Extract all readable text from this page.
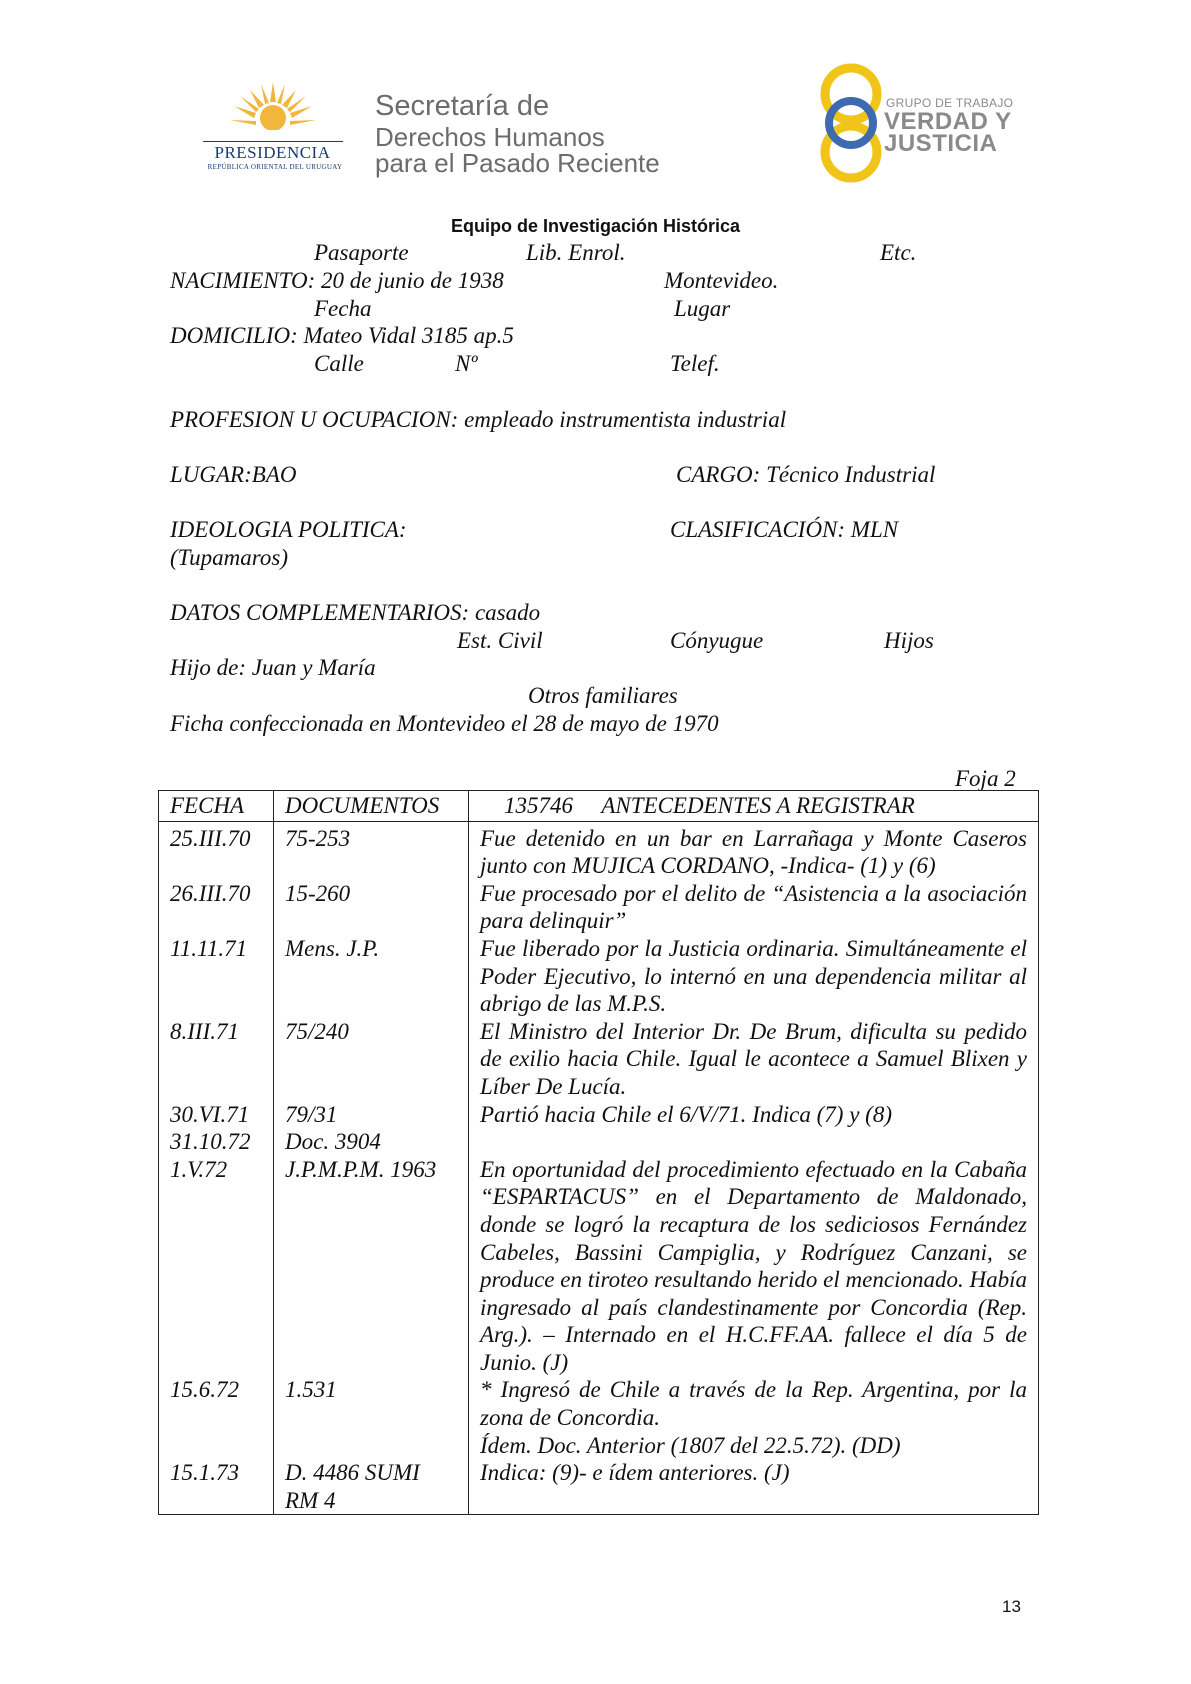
PRESIDENCIA
REPÚBLICA ORIENTAL DEL URUGUAY
Secretaría de
Derechos Humanos
para el Pasado Reciente
GRUPO DE TRABAJO
VERDAD Y
JUSTICIA
Equipo de Investigación Histórica
Pasaporte	Lib. Enrol.	Etc.
NACIMIENTO: 20 de junio de 1938	Montevideo.
Fecha	Lugar
DOMICILIO: Mateo Vidal 3185 ap.5
Calle	Nº	Telef.
PROFESION U OCUPACION: empleado instrumentista industrial
LUGAR:BAO	CARGO: Técnico Industrial
IDEOLOGIA POLITICA:	CLASIFICACIÓN: MLN
(Tupamaros)
DATOS COMPLEMENTARIOS: casado
Est. Civil	Cónyugue	Hijos
Hijo de: Juan y María
Otros familiares
Ficha confeccionada en Montevideo el 28 de mayo de 1970
Foja 2
FECHA	DOCUMENTOS	135746     ANTECEDENTES A REGISTRAR
25.III.70	75-253	Fue detenido en un bar en Larrañaga y Monte Caseros junto con MUJICA CORDANO, -Indica- (1) y (6)

26.III.70	15-260	Fue procesado por el delito de “Asistencia a la asociación para delinquir”

11.11.71	Mens. J.P.	Fue liberado por la Justicia ordinaria. Simultáneamente el Poder Ejecutivo, lo internó en una dependencia militar al abrigo de las M.P.S.

8.III.71	75/240	El Ministro del Interior Dr. De Brum, dificulta su pedido de exilio hacia Chile. Igual le acontece a Samuel Blixen y Líber De Lucía.

30.VI.71	79/31	Partió hacia Chile el 6/V/71. Indica (7) y (8)

31.10.72	Doc. 3904	

1.V.72	J.P.M.P.M. 1963	En oportunidad del procedimiento efectuado en la Cabaña “ESPARTACUS” en el Departamento de Maldonado, donde se logró la recaptura de los sediciosos Fernández Cabeles, Bassini Campiglia, y Rodríguez Canzani, se produce en tiroteo resultando herido el mencionado. Había ingresado al país clandestinamente por Concordia (Rep. Arg.). – Internado en el H.C.FF.AA. fallece el día 5 de Junio. (J)

15.6.72	1.531	* Ingresó de Chile a través de la Rep. Argentina, por la zona de Concordia.
Ídem. Doc. Anterior (1807 del 22.5.72). (DD)

15.1.73	D. 4486 SUMI RM 4	Indica: (9)- e ídem anteriores. (J)
13
